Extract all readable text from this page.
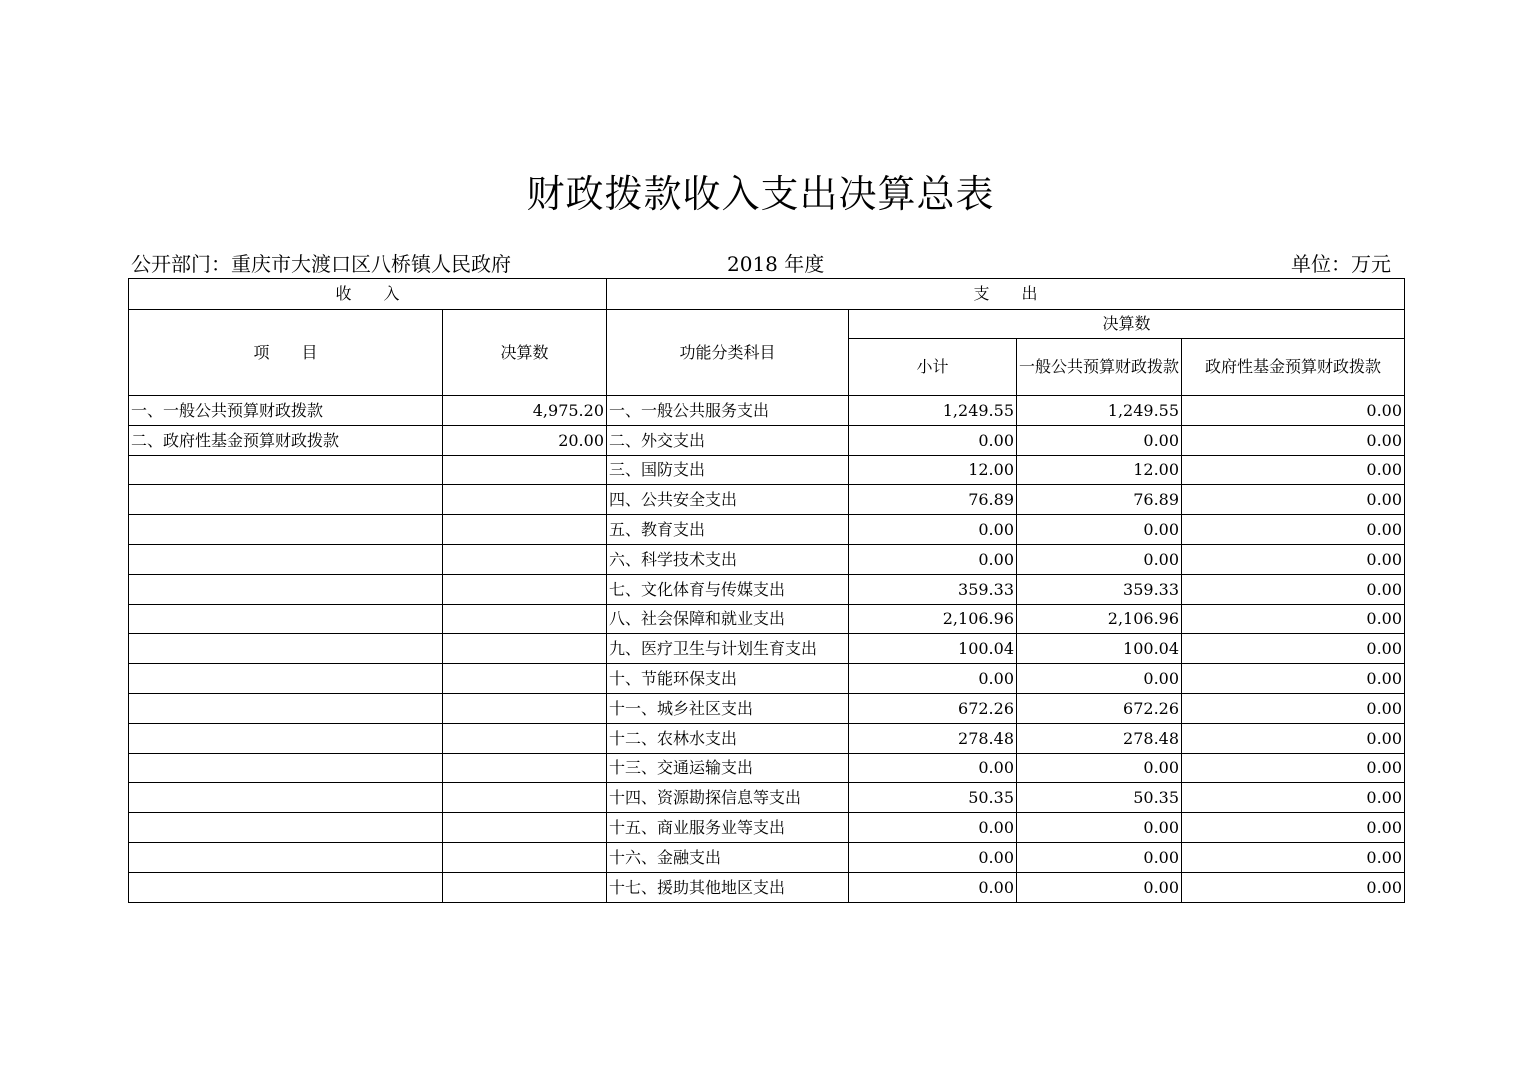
财政拨款收入支出决算总表
公开部门：重庆市大渡口区八桥镇人民政府	2018 年度	单位：万元
收　　入		支　　出			
项　　目	决算数	功能分类科目	决算数		
			小计	一般公共预算财政拨款	政府性基金预算财政拨款
一、一般公共预算财政拨款	4,975.20	一、一般公共服务支出	1,249.55	1,249.55	0.00
二、政府性基金预算财政拨款	20.00	二、外交支出	0.00	0.00	0.00
		三、国防支出	12.00	12.00	0.00
		四、公共安全支出	76.89	76.89	0.00
		五、教育支出	0.00	0.00	0.00
		六、科学技术支出	0.00	0.00	0.00
		七、文化体育与传媒支出	359.33	359.33	0.00
		八、社会保障和就业支出	2,106.96	2,106.96	0.00
		九、医疗卫生与计划生育支出	100.04	100.04	0.00
		十、节能环保支出	0.00	0.00	0.00
		十一、城乡社区支出	672.26	672.26	0.00
		十二、农林水支出	278.48	278.48	0.00
		十三、交通运输支出	0.00	0.00	0.00
		十四、资源勘探信息等支出	50.35	50.35	0.00
		十五、商业服务业等支出	0.00	0.00	0.00
		十六、金融支出	0.00	0.00	0.00
		十七、援助其他地区支出	0.00	0.00	0.00
